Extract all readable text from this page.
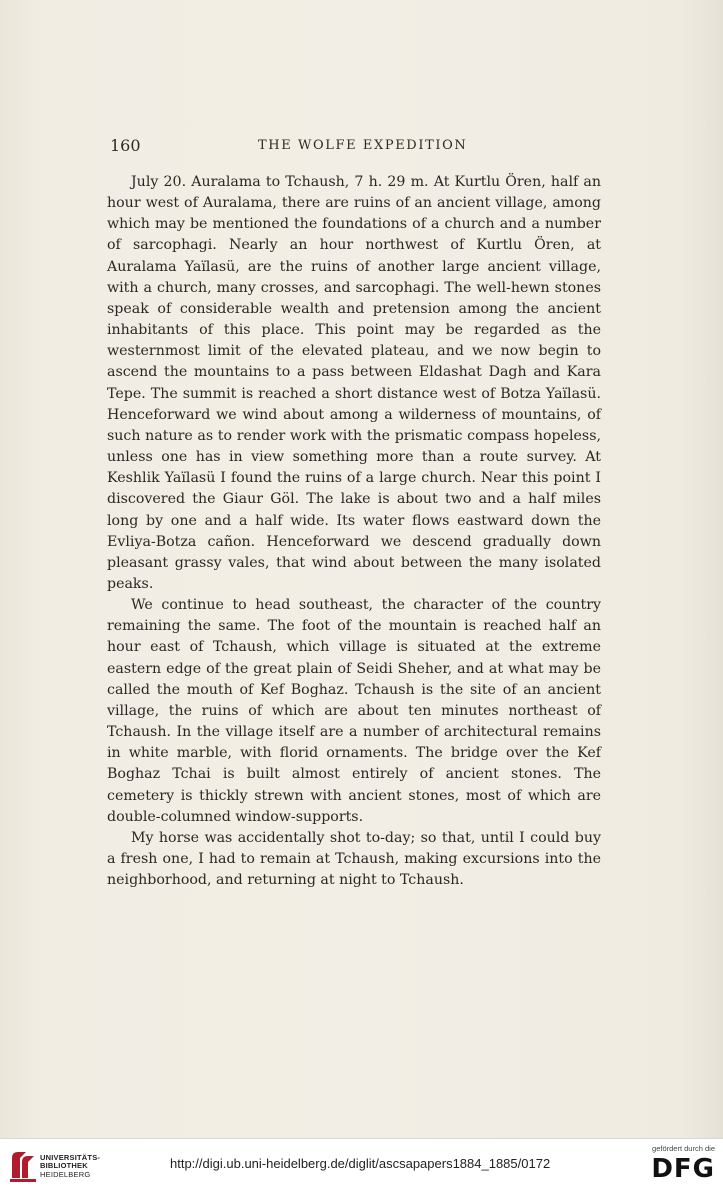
160	THE WOLFE EXPEDITION

July 20. Auralama to Tchaush, 7 h. 29 m. At Kurtlu Ören, half an hour west of Auralama, there are ruins of an ancient village, among which may be mentioned the foundations of a church and a number of sarcophagi. Nearly an hour northwest of Kurtlu Ören, at Auralama Yaïlasü, are the ruins of another large ancient village, with a church, many crosses, and sarcophagi. The well-hewn stones speak of considerable wealth and pretension among the ancient inhabitants of this place. This point may be regarded as the westernmost limit of the elevated plateau, and we now begin to ascend the mountains to a pass between Eldashat Dagh and Kara Tepe. The summit is reached a short distance west of Botza Yaïlasü. Henceforward we wind about among a wilderness of mountains, of such nature as to render work with the prismatic compass hopeless, unless one has in view something more than a route survey. At Keshlik Yaïlasü I found the ruins of a large church. Near this point I discovered the Giaur Göl. The lake is about two and a half miles long by one and a half wide. Its water flows eastward down the Evliya-Botza cañon. Henceforward we descend gradually down pleasant grassy vales, that wind about between the many isolated peaks.

We continue to head southeast, the character of the country remaining the same. The foot of the mountain is reached half an hour east of Tchaush, which village is situated at the extreme eastern edge of the great plain of Seidi Sheher, and at what may be called the mouth of Kef Boghaz. Tchaush is the site of an ancient village, the ruins of which are about ten minutes northeast of Tchaush. In the village itself are a number of architectural remains in white marble, with florid ornaments. The bridge over the Kef Boghaz Tchai is built almost entirely of ancient stones. The cemetery is thickly strewn with ancient stones, most of which are double-columned window-supports.

My horse was accidentally shot to-day; so that, until I could buy a fresh one, I had to remain at Tchaush, making excursions into the neighborhood, and returning at night to Tchaush.

UNIVERSITÄTS-
BIBLIOTHEK
HEIDELBERG
http://digi.ub.uni-heidelberg.de/diglit/ascsapapers1884_1885/0172
gefördert durch die
DFG
